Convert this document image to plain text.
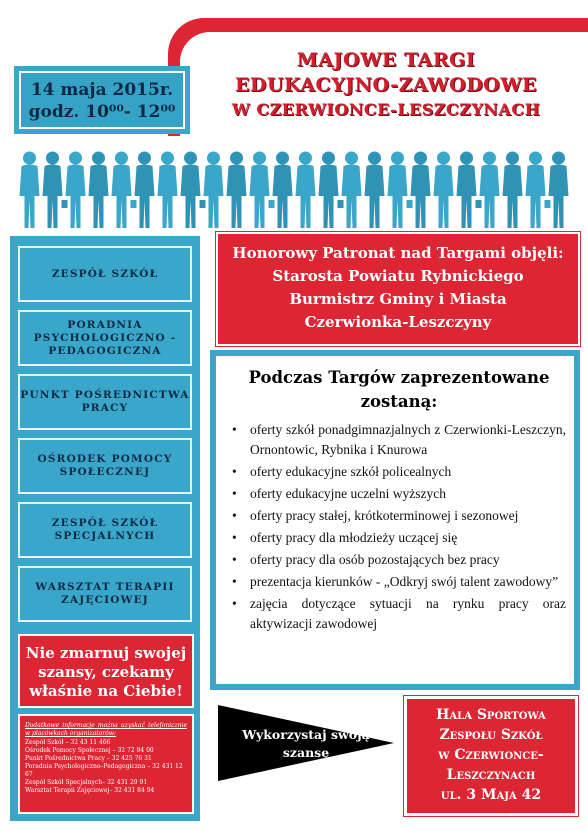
MAJOWE TARGI
EDUKACYJNO-ZAWODOWE
W CZERWIONCE-LESZCZYNACH
14 maja 2015r.
godz. 10⁰⁰- 12⁰⁰
ZESPÓŁ SZKÓŁ
PORADNIA PSYCHOLOGICZNO -PEDAGOGICZNA
PUNKT POŚREDNICTWA PRACY
OŚRODEK POMOCY SPOŁECZNEJ
ZESPÓŁ SZKÓŁ SPECJALNYCH
WARSZTAT TERAPII ZAJĘCIOWEJ
Nie zmarnuj swojej szansy, czekamy właśnie na Ciebie!
Dodatkowe informacje można uzyskać telefonicznie w placówkach organizatorów:
Zespół Szkół – 32 43 11 466
Ośrodek Pomocy Społecznej – 32 72 94 00
Punkt Pośrednictwa Pracy – 32 425 76 31
Poradnia Psychologiczno–Pedagogiczna – 32 431 12 67
Zespół Szkół Specjalnych– 32 431 29 91
Warsztat Terapii Zajęciowej– 32 431 84 94
Honorowy Patronat nad Targami objęli:
Starosta Powiatu Rybnickiego
Burmistrz Gminy i Miasta
Czerwionka-Leszczyny
Podczas Targów zaprezentowane
zostaną:
• oferty szkół ponadgimnazjalnych z Czerwionki-Leszczyn, Ornontowic, Rybnika i Knurowa
• oferty edukacyjne szkół policealnych
• oferty edukacyjne uczelni wyższych
• oferty pracy stałej, krótkoterminowej i sezonowej
• oferty pracy dla młodzieży uczącej się
• oferty pracy dla osób pozostających bez pracy
• prezentacja kierunków - „Odkryj swój talent zawodowy”
• zajęcia dotyczące sytuacji na rynku pracy oraz aktywizacji zawodowej
Wykorzystaj swoją szansę
Hala Sportowa
Zespołu Szkół
w Czerwionce-
Leszczynach
ul. 3 Maja 42
